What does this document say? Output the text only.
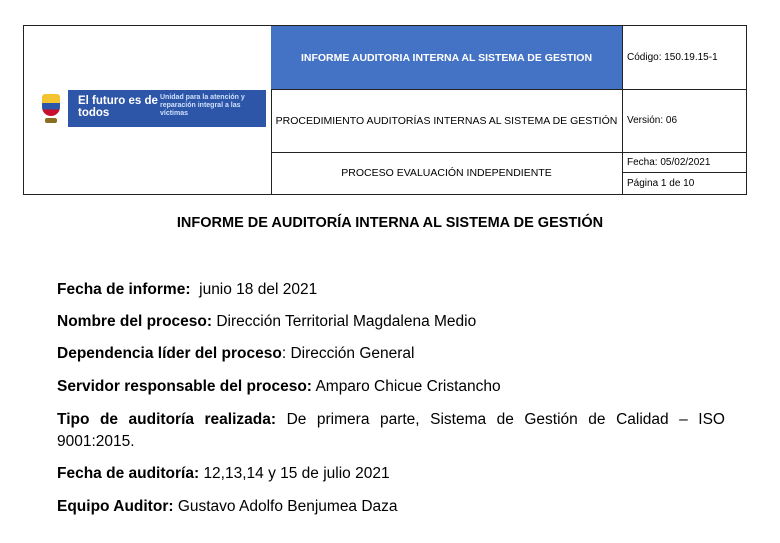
El futuro es de todos
Unidad para la atención y reparación integral a las víctimas
INFORME AUDITORIA INTERNA AL SISTEMA DE GESTION
PROCEDIMIENTO AUDITORÍAS INTERNAS AL SISTEMA DE GESTIÓN
PROCESO EVALUACIÓN INDEPENDIENTE
Código: 150.19.15-1
Versión: 06
Fecha: 05/02/2021
Página 1 de 10
INFORME DE AUDITORÍA INTERNA AL SISTEMA DE GESTIÓN
Fecha de informe: junio 18 del 2021
Nombre del proceso: Dirección Territorial Magdalena Medio
Dependencia líder del proceso: Dirección General
Servidor responsable del proceso: Amparo Chicue Cristancho
Tipo de auditoría realizada: De primera parte, Sistema de Gestión de Calidad – ISO 9001:2015.
Fecha de auditoría: 12,13,14 y 15 de julio 2021
Equipo Auditor: Gustavo Adolfo Benjumea Daza
